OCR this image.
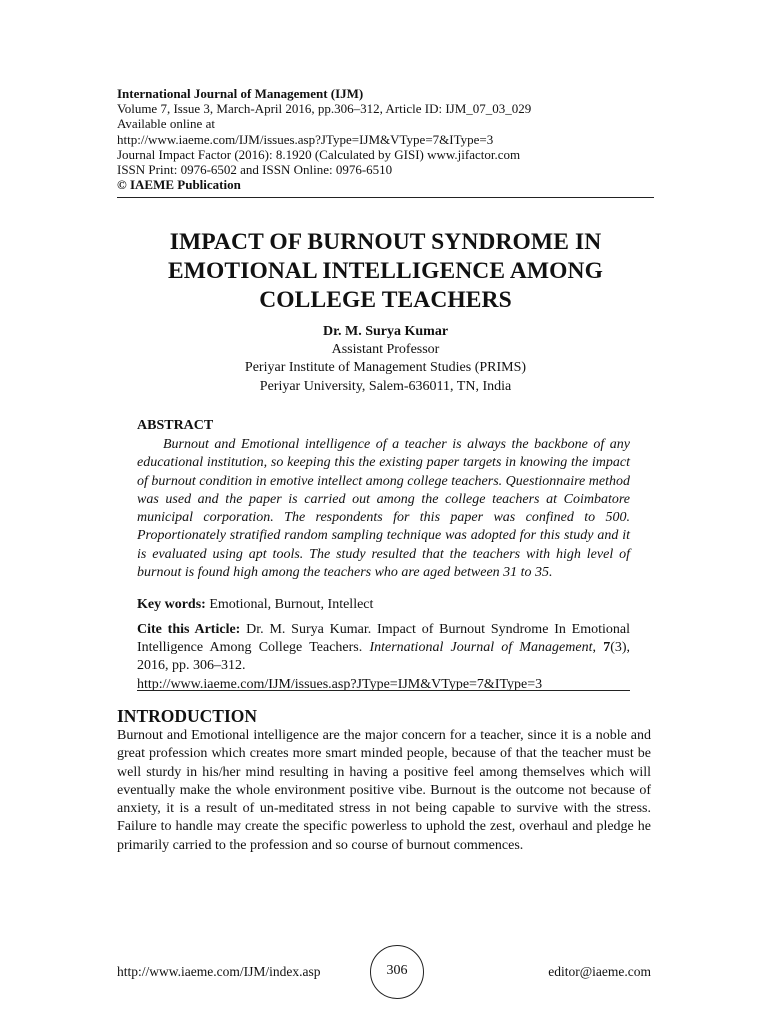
International Journal of Management (IJM)
Volume 7, Issue 3, March-April 2016, pp.306–312, Article ID: IJM_07_03_029
Available online at
http://www.iaeme.com/IJM/issues.asp?JType=IJM&VType=7&IType=3
Journal Impact Factor (2016): 8.1920 (Calculated by GISI) www.jifactor.com
ISSN Print: 0976-6502 and ISSN Online: 0976-6510
© IAEME Publication
IMPACT OF BURNOUT SYNDROME IN
EMOTIONAL INTELLIGENCE AMONG
COLLEGE TEACHERS
Dr. M. Surya Kumar
Assistant Professor
Periyar Institute of Management Studies (PRIMS)
Periyar University, Salem-636011, TN, India
ABSTRACT
Burnout and Emotional intelligence of a teacher is always the backbone of any educational institution, so keeping this the existing paper targets in knowing the impact of burnout condition in emotive intellect among college teachers. Questionnaire method was used and the paper is carried out among the college teachers at Coimbatore municipal corporation. The respondents for this paper was confined to 500. Proportionately stratified random sampling technique was adopted for this study and it is evaluated using apt tools. The study resulted that the teachers with high level of burnout is found high among the teachers who are aged between 31 to 35.
Key words: Emotional, Burnout, Intellect
Cite this Article: Dr. M. Surya Kumar. Impact of Burnout Syndrome In Emotional Intelligence Among College Teachers. International Journal of Management, 7(3), 2016, pp. 306–312.
http://www.iaeme.com/IJM/issues.asp?JType=IJM&VType=7&IType=3
INTRODUCTION
Burnout and Emotional intelligence are the major concern for a teacher, since it is a noble and great profession which creates more smart minded people, because of that the teacher must be well sturdy in his/her mind resulting in having a positive feel among themselves which will eventually make the whole environment positive vibe. Burnout is the outcome not because of anxiety, it is a result of un-meditated stress in not being capable to survive with the stress. Failure to handle may create the specific powerless to uphold the zest, overhaul and pledge he primarily carried to the profession and so course of burnout commences.
http://www.iaeme.com/IJM/index.asp	306	editor@iaeme.com
